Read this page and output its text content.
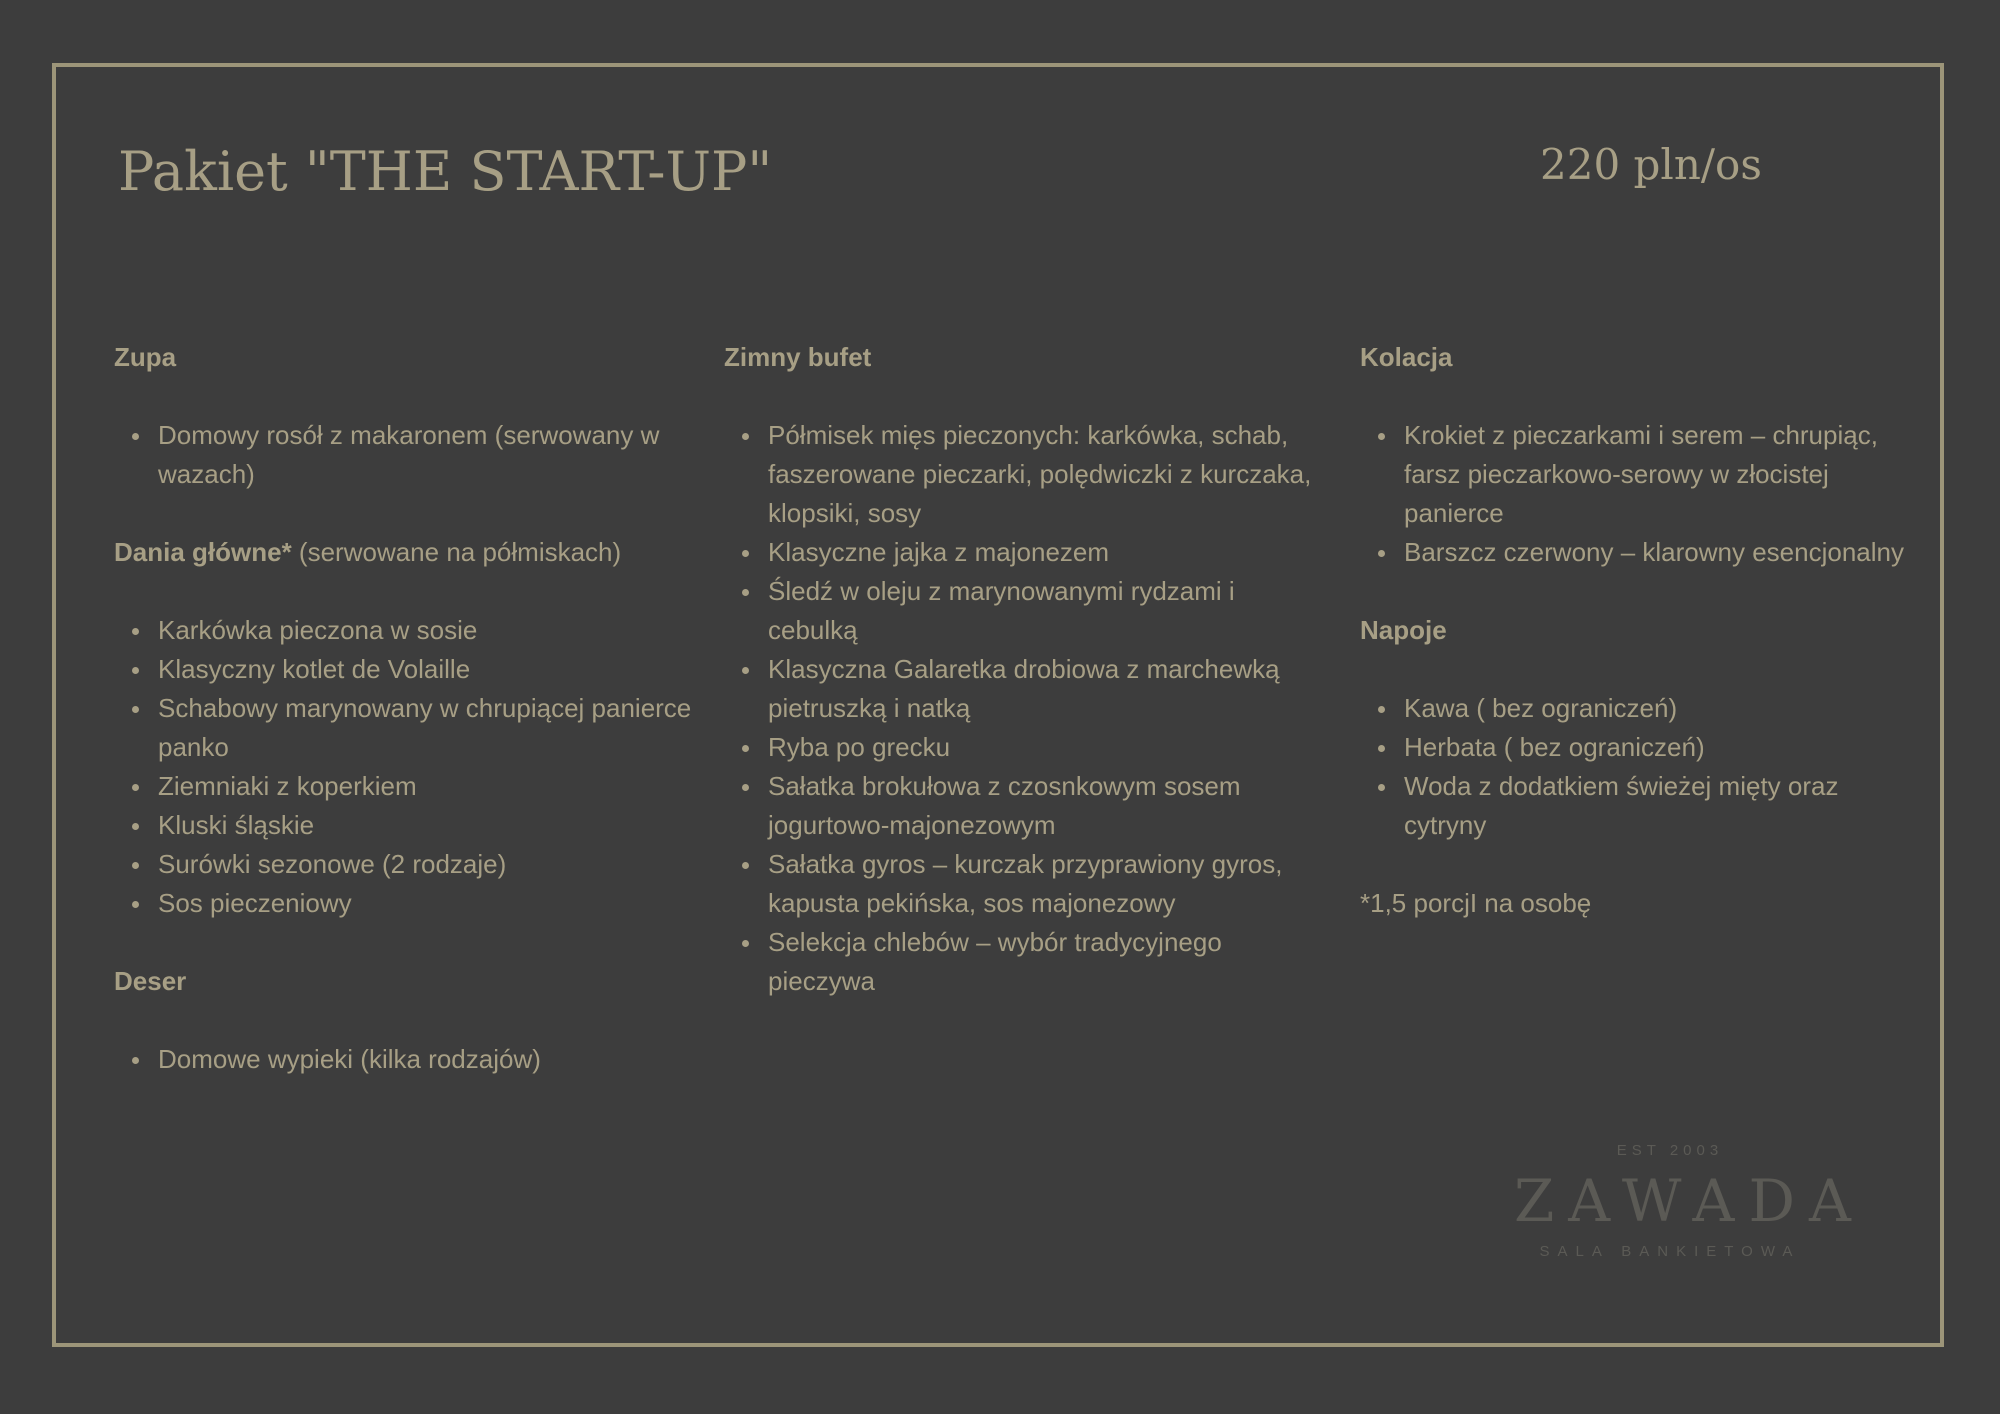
Pakiet "THE START-UP"	220 pln/os
Zupa
Domowy rosół z makaronem (serwowany w wazach)
Dania główne* (serwowane na półmiskach)
Karkówka pieczona w sosie
Klasyczny kotlet de Volaille
Schabowy marynowany w chrupiącej panierce panko
Ziemniaki z koperkiem
Kluski śląskie
Surówki sezonowe (2 rodzaje)
Sos pieczeniowy
Deser
Domowe wypieki (kilka rodzajów)
Zimny bufet
Półmisek mięs pieczonych: karkówka, schab, faszerowane pieczarki, polędwiczki z kurczaka, klopsiki, sosy
Klasyczne jajka z majonezem
Śledź w oleju z marynowanymi rydzami i cebulką
Klasyczna Galaretka drobiowa z marchewką pietruszką i natką
Ryba po grecku
Sałatka brokułowa z czosnkowym sosem jogurtowo-majonezowym
Sałatka gyros – kurczak przyprawiony gyros, kapusta pekińska, sos majonezowy
Selekcja chlebów – wybór tradycyjnego pieczywa
Kolacja
Krokiet z pieczarkami i serem – chrupiąc, farsz pieczarkowo-serowy w złocistej panierce
Barszcz czerwony – klarowny esencjonalny
Napoje
Kawa ( bez ograniczeń)
Herbata ( bez ograniczeń)
Woda z dodatkiem świeżej mięty oraz cytryny

*1,5 porcjI na osobę

EST 2003
ZAWADA
SALA BANKIETOWA
